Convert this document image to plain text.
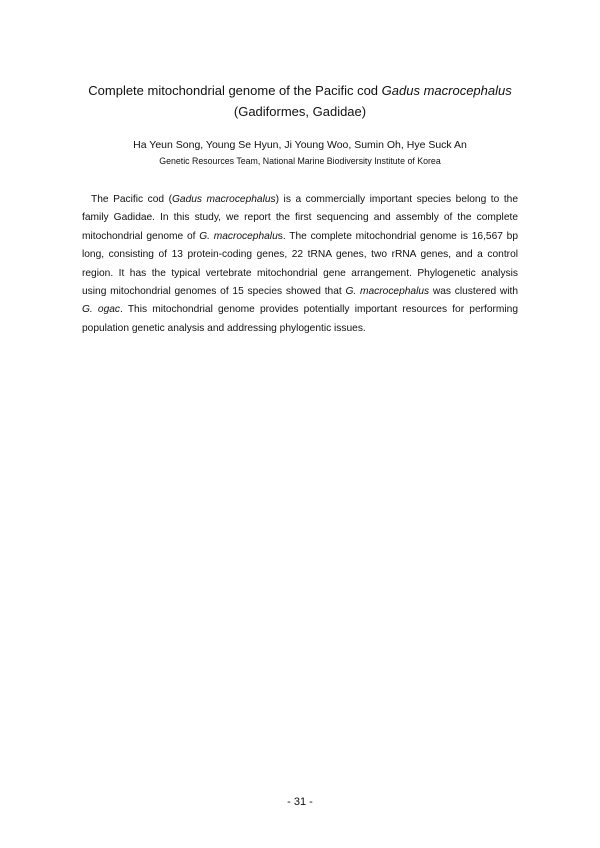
Complete mitochondrial genome of the Pacific cod Gadus macrocephalus
(Gadiformes, Gadidae)
Ha Yeun Song, Young Se Hyun, Ji Young Woo, Sumin Oh, Hye Suck An
Genetic Resources Team, National Marine Biodiversity Institute of Korea

The Pacific cod (Gadus macrocephalus) is a commercially important species belong to the family Gadidae. In this study, we report the first sequencing and assembly of the complete mitochondrial genome of G. macrocephalus. The complete mitochondrial genome is 16,567 bp long, consisting of 13 protein-coding genes, 22 tRNA genes, two rRNA genes, and a control region. It has the typical vertebrate mitochondrial gene arrangement. Phylogenetic analysis using mitochondrial genomes of 15 species showed that G. macrocephalus was clustered with G. ogac. This mitochondrial genome provides potentially important resources for performing population genetic analysis and addressing phylogentic issues.

- 31 -
